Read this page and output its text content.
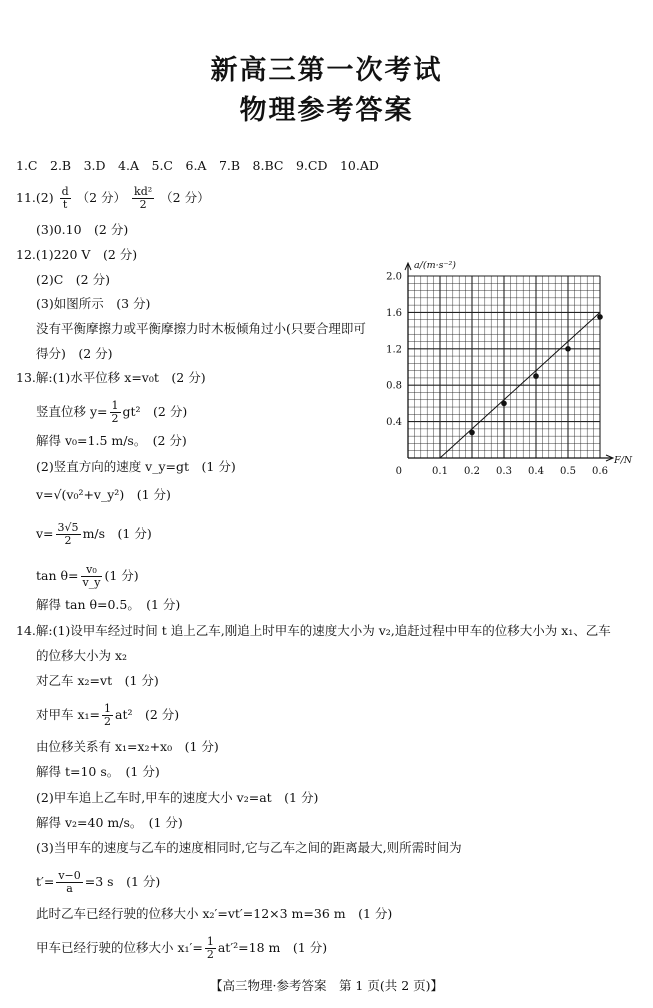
新高三第一次考试
物理参考答案
1.C　2.B　3.D　4.A　5.C　6.A　7.B　8.BC　9.CD　10.AD
$11.(2) \frac{d}{t} (2$ 分） $\frac{\text{kd²}}{2} (2$ 分）
(3)0.10　(2 分)
12.(1)220 V　(2 分)
(2)C　(2 分)
(3)如图所示　(3 分)
没有平衡摩擦力或平衡摩擦力时木板倾角过小(只要合理即可
得分)　(2 分)
13.解:(1)水平位移 x=v₀t　(2 分)
竖直位移 $y= \frac{1}{2} gt^2$　(2 分)
解得 v₀=1.5 m/s。　(2 分)
(2)竖直方向的速度 v_y=gt　(1 分)
v=√(v₀²+v_y²)　(1 分)
$v= \frac{3√5}{2} m/s$　(1 分)
$\tan \theta= \frac{\text{v₀}}{v\_y} (1$ 分)
解得 tan θ=0.5。　(1 分)
14.解:(1)设甲车经过时间 t 追上乙车,刚追上时甲车的速度大小为 v₂,追赶过程中甲车的位移大小为 x₁、乙车
的位移大小为 x₂
对乙车 x₂=vt　(1 分)
对甲车 $x_1= \frac{1}{2} at^2$　(2 分)
由位移关系有 x₁=x₂+x₀　(1 分)
解得 t=10 s。　(1 分)
(2)甲车追上乙车时,甲车的速度大小 v₂=at　(1 分)
解得 v₂=40 m/s。　(1 分)
(3)当甲车的速度与乙车的速度相同时,它与乙车之间的距离最大,则所需时间为
$t'= \frac{v-0}{a} =3$ s　(1 分)
此时乙车已经行驶的位移大小 x₂′=vt′=12×3 m=36 m　(1 分)
甲车已经行驶的位移大小 $x_1'= \frac{1}{2} at'^2=18$ m　(1 分)
【高三物理·参考答案　第 1 页(共 2 页)】
0.1 0.2 0.3 0.4 0.5 0.6
0.4
0.8
1.2
1.6
2.0
0
a/(m·s⁻²)
F/N
